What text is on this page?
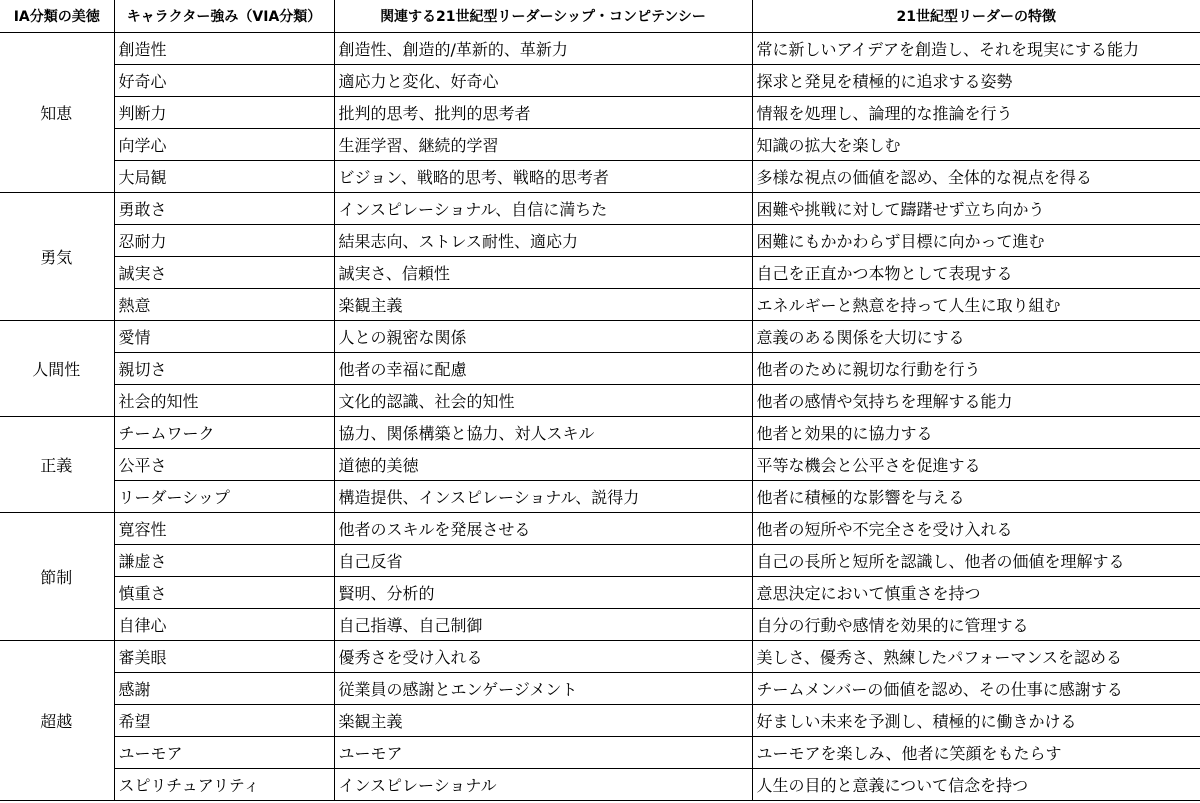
IA分類の美徳	キャラクター強み（VIA分類）	関連する21世紀型リーダーシップ・コンピテンシー	21世紀型リーダーの特徴
知恵	創造性	創造性、創造的/革新的、革新力	常に新しいアイデアを創造し、それを現実にする能力
	好奇心	適応力と変化、好奇心	探求と発見を積極的に追求する姿勢
	判断力	批判的思考、批判的思考者	情報を処理し、論理的な推論を行う
	向学心	生涯学習、継続的学習	知識の拡大を楽しむ
	大局観	ビジョン、戦略的思考、戦略的思考者	多様な視点の価値を認め、全体的な視点を得る
勇気	勇敢さ	インスピレーショナル、自信に満ちた	困難や挑戦に対して躊躇せず立ち向かう
	忍耐力	結果志向、ストレス耐性、適応力	困難にもかかわらず目標に向かって進む
	誠実さ	誠実さ、信頼性	自己を正直かつ本物として表現する
	熱意	楽観主義	エネルギーと熱意を持って人生に取り組む
人間性	愛情	人との親密な関係	意義のある関係を大切にする
	親切さ	他者の幸福に配慮	他者のために親切な行動を行う
	社会的知性	文化的認識、社会的知性	他者の感情や気持ちを理解する能力
正義	チームワーク	協力、関係構築と協力、対人スキル	他者と効果的に協力する
	公平さ	道徳的美徳	平等な機会と公平さを促進する
	リーダーシップ	構造提供、インスピレーショナル、説得力	他者に積極的な影響を与える
節制	寛容性	他者のスキルを発展させる	他者の短所や不完全さを受け入れる
	謙虚さ	自己反省	自己の長所と短所を認識し、他者の価値を理解する
	慎重さ	賢明、分析的	意思決定において慎重さを持つ
	自律心	自己指導、自己制御	自分の行動や感情を効果的に管理する
超越	審美眼	優秀さを受け入れる	美しさ、優秀さ、熟練したパフォーマンスを認める
	感謝	従業員の感謝とエンゲージメント	チームメンバーの価値を認め、その仕事に感謝する
	希望	楽観主義	好ましい未来を予測し、積極的に働きかける
	ユーモア	ユーモア	ユーモアを楽しみ、他者に笑顔をもたらす
	スピリチュアリティ	インスピレーショナル	人生の目的と意義について信念を持つ
